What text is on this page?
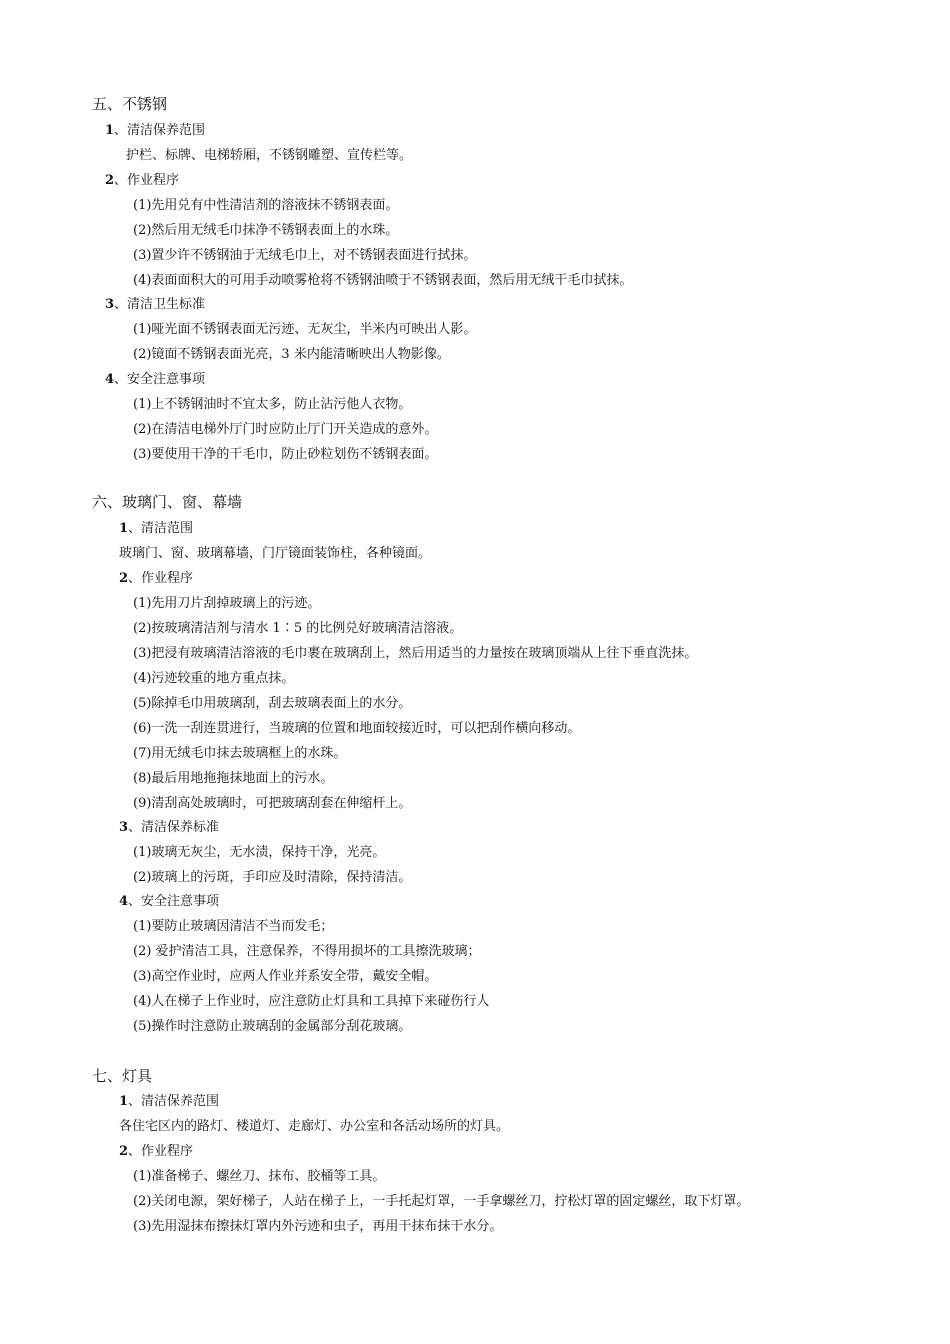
五、不锈钢
1、清洁保养范围
护栏、标牌、电梯轿厢，不锈钢雕塑、宣传栏等。
2、作业程序
(1)先用兑有中性清洁剂的溶液抹不锈钢表面。
(2)然后用无绒毛巾抹净不锈钢表面上的水珠。
(3)置少许不锈钢油于无绒毛巾上，对不锈钢表面进行拭抹。
(4)表面面积大的可用手动喷雾枪将不锈钢油喷于不锈钢表面，然后用无绒干毛巾拭抹。
3、清洁卫生标准
(1)哑光面不锈钢表面无污迹、无灰尘，半米内可映出人影。
(2)镜面不锈钢表面光亮，3 米内能清晰映出人物影像。
4、安全注意事项
(1)上不锈钢油时不宜太多，防止沾污他人衣物。
(2)在清洁电梯外厅门时应防止厅门开关造成的意外。
(3)要使用干净的干毛巾，防止砂粒划伤不锈钢表面。
六、玻璃门、窗、幕墙
1、清洁范围
玻璃门、窗、玻璃幕墙，门厅镜面装饰柱，各种镜面。
2、作业程序
(1)先用刀片刮掉玻璃上的污迹。
(2)按玻璃清洁剂与清水 1∶5 的比例兑好玻璃清洁溶液。
(3)把浸有玻璃清洁溶液的毛巾裹在玻璃刮上，然后用适当的力量按在玻璃顶端从上往下垂直洗抹。
(4)污迹较重的地方重点抹。
(5)除掉毛巾用玻璃刮，刮去玻璃表面上的水分。
(6)一洗一刮连贯进行，当玻璃的位置和地面较接近时，可以把刮作横向移动。
(7)用无绒毛巾抹去玻璃框上的水珠。
(8)最后用地拖拖抹地面上的污水。
(9)清刮高处玻璃时，可把玻璃刮套在伸缩杆上。
3、清洁保养标准
(1)玻璃无灰尘，无水渍，保持干净，光亮。
(2)玻璃上的污斑，手印应及时清除，保持清洁。
4、安全注意事项
(1)要防止玻璃因清洁不当而发毛；
(2) 爱护清洁工具，注意保养，不得用损坏的工具擦洗玻璃；
(3)高空作业时，应两人作业并系安全带，戴安全帽。
(4)人在梯子上作业时，应注意防止灯具和工具掉下来碰伤行人
(5)操作时注意防止玻璃刮的金属部分刮花玻璃。
七、灯具
1、清洁保养范围
各住宅区内的路灯、楼道灯、走廊灯、办公室和各活动场所的灯具。
2、作业程序
(1)准备梯子、螺丝刀、抹布、胶桶等工具。
(2)关闭电源，架好梯子，人站在梯子上，一手托起灯罩，一手拿螺丝刀，拧松灯罩的固定螺丝，取下灯罩。
(3)先用湿抹布擦抹灯罩内外污迹和虫子，再用干抹布抹干水分。
